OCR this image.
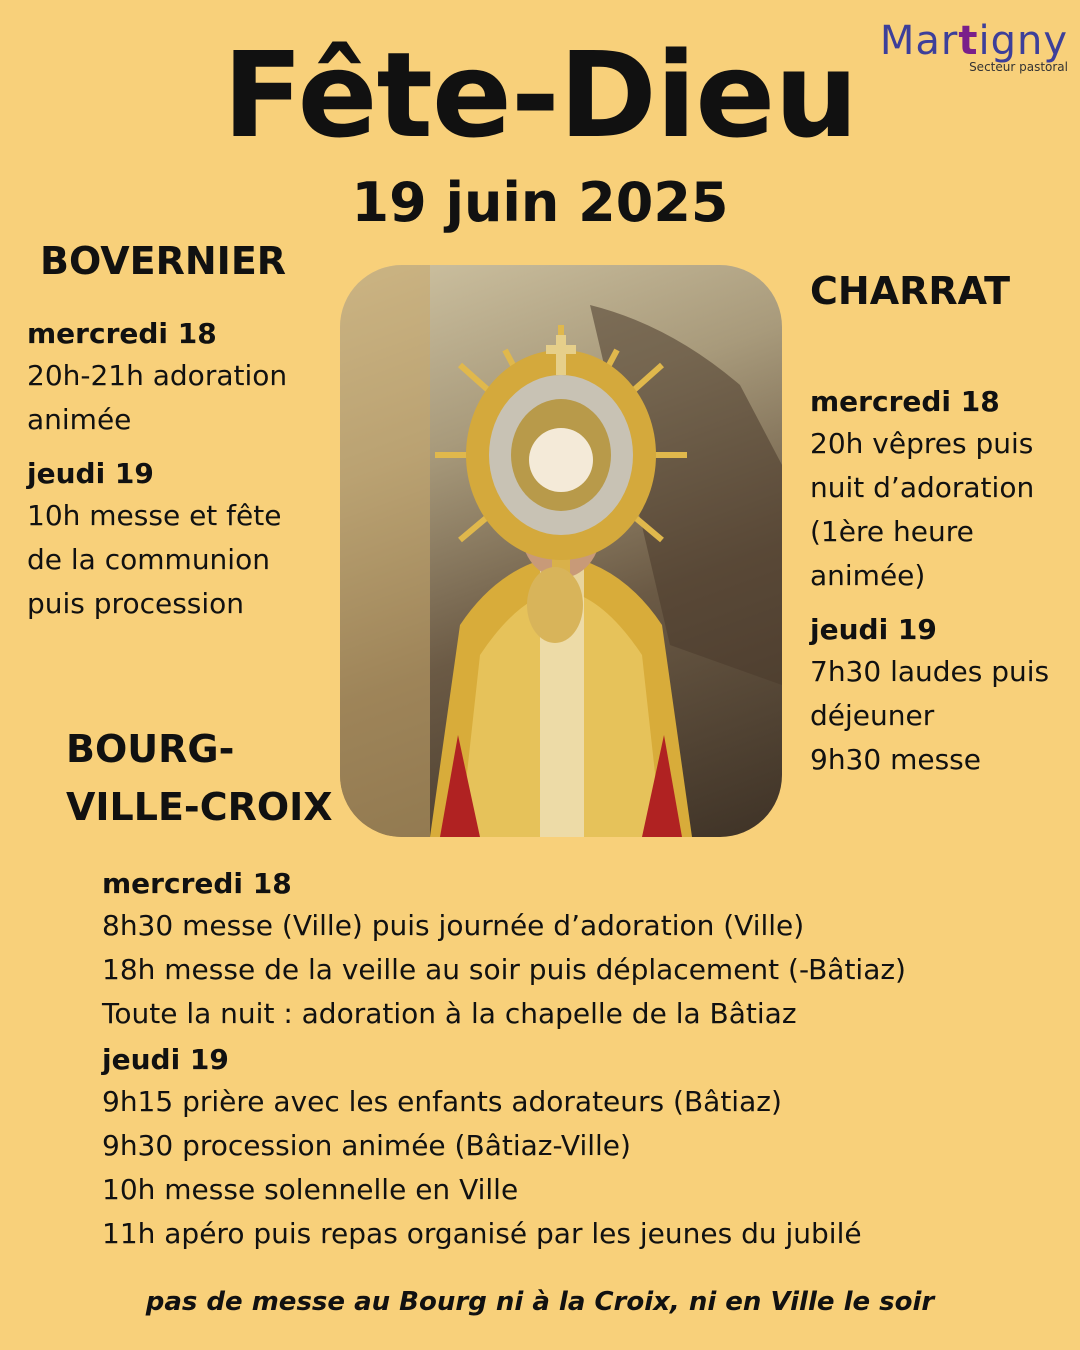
Fête-Dieu
19 juin 2025
Martigny
Secteur pastoral
BOVERNIER
mercredi 18
20h-21h adoration
animée
jeudi 19
10h messe et fête
de la communion
puis procession
CHARRAT
mercredi 18
20h vêpres puis
nuit d’adoration
(1ère heure
animée)
jeudi 19
7h30 laudes puis
déjeuner
9h30 messe
BOURG-
VILLE-CROIX
mercredi 18
8h30 messe (Ville) puis journée d’adoration (Ville)
18h messe de la veille au soir puis déplacement (-Bâtiaz)
Toute la nuit : adoration à la chapelle de la Bâtiaz
jeudi 19
9h15 prière avec les enfants adorateurs (Bâtiaz)
9h30 procession animée (Bâtiaz-Ville)
10h messe solennelle en Ville
11h apéro puis repas organisé par les jeunes du jubilé
pas de messe au Bourg ni à la Croix, ni en Ville le soir
